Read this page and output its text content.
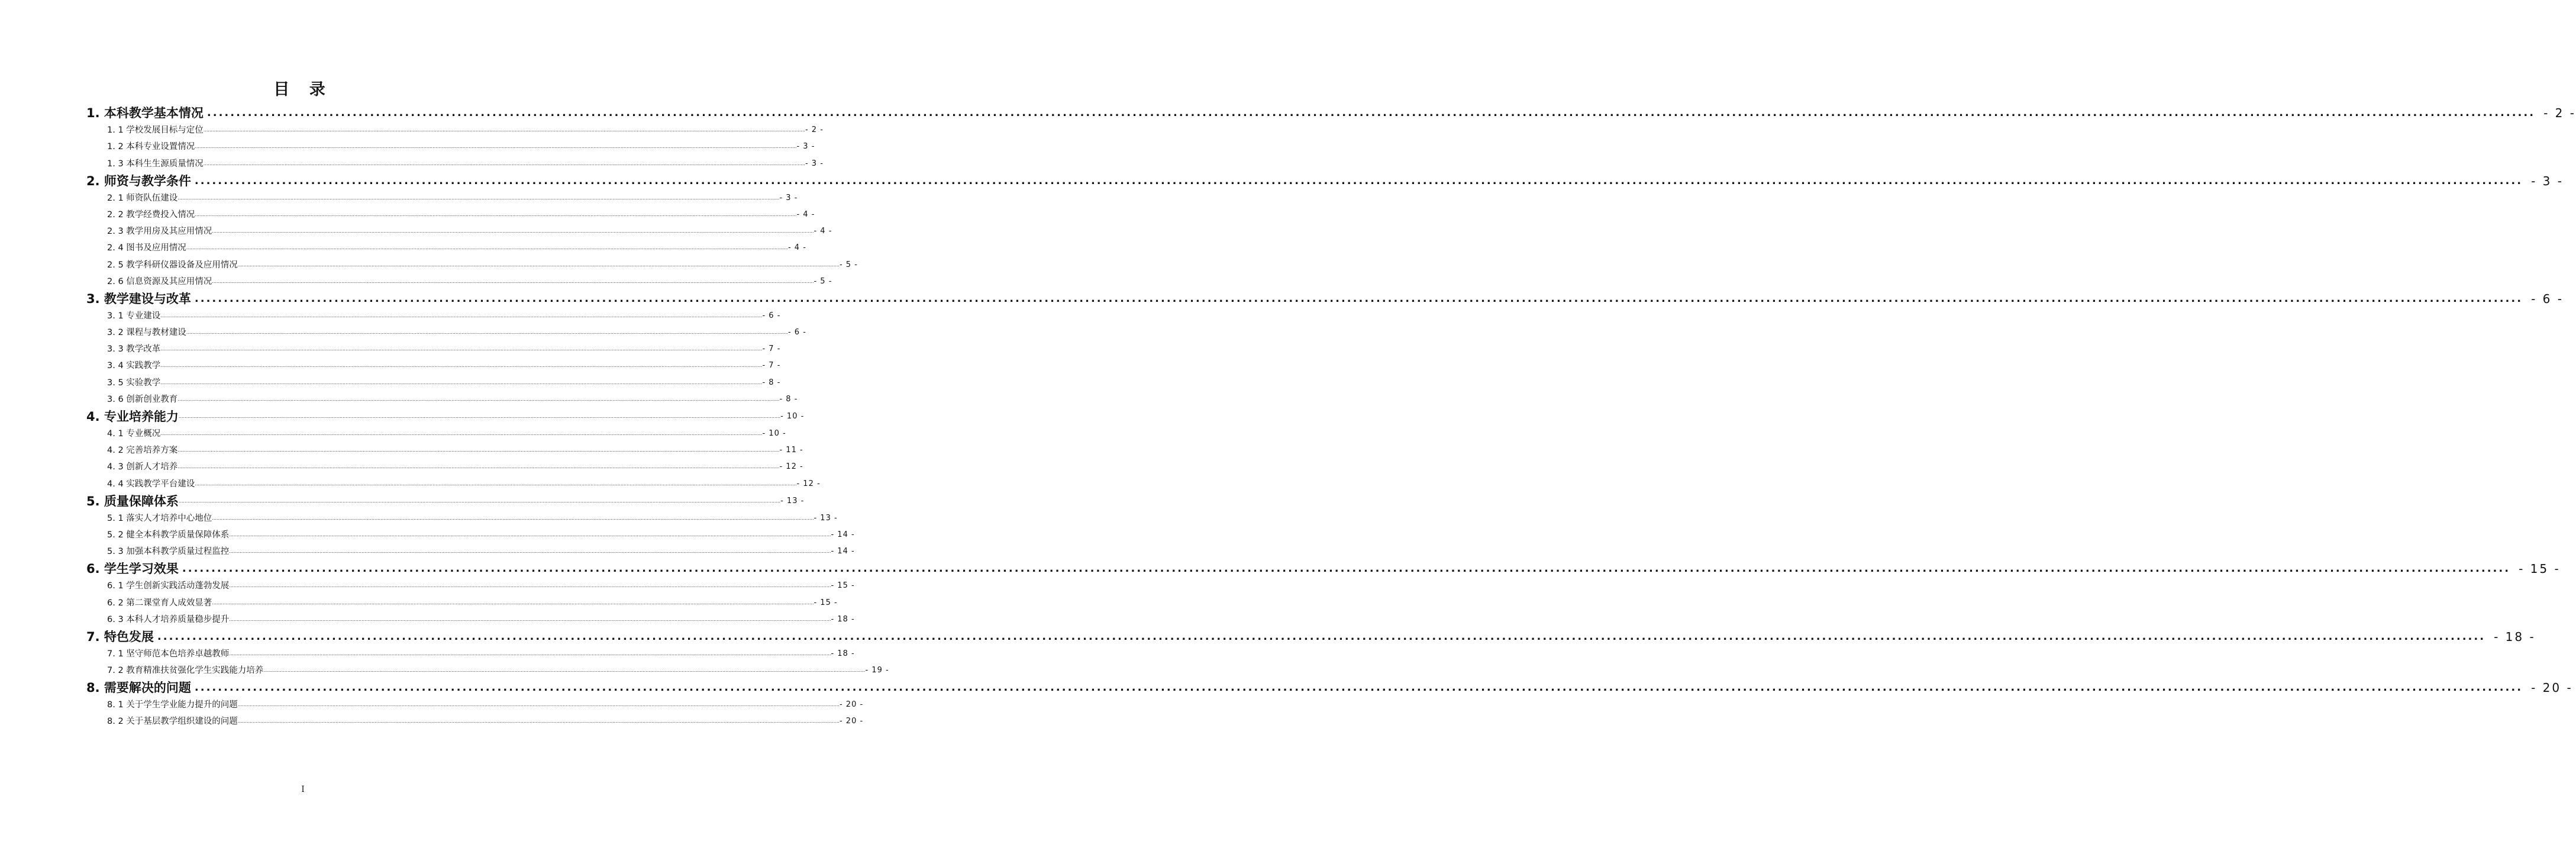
目 录
1. 本科教学基本情况 ................................................................................................................................................................................................................................................................................................................................................................................................................ - 2 -
1. 1 学校发展目标与定位 ................................................................................................................................................................................................................................................................................................................................................................................................................ - 2 -
1. 2 本科专业设置情况 ................................................................................................................................................................................................................................................................................................................................................................................................................ - 3 -
1. 3 本科生生源质量情况 ................................................................................................................................................................................................................................................................................................................................................................................................................ - 3 -
2. 师资与教学条件 ................................................................................................................................................................................................................................................................................................................................................................................................................ - 3 -
2. 1 师资队伍建设 ................................................................................................................................................................................................................................................................................................................................................................................................................ - 3 -
2. 2 教学经费投入情况 ................................................................................................................................................................................................................................................................................................................................................................................................................ - 4 -
2. 3 教学用房及其应用情况 ................................................................................................................................................................................................................................................................................................................................................................................................................ - 4 -
2. 4 图书及应用情况 ................................................................................................................................................................................................................................................................................................................................................................................................................ - 4 -
2. 5 教学科研仪器设备及应用情况 ................................................................................................................................................................................................................................................................................................................................................................................................................ - 5 -
2. 6 信息资源及其应用情况 ................................................................................................................................................................................................................................................................................................................................................................................................................ - 5 -
3. 教学建设与改革 ................................................................................................................................................................................................................................................................................................................................................................................................................ - 6 -
3. 1 专业建设 ................................................................................................................................................................................................................................................................................................................................................................................................................ - 6 -
3. 2 课程与教材建设 ................................................................................................................................................................................................................................................................................................................................................................................................................ - 6 -
3. 3 教学改革 ................................................................................................................................................................................................................................................................................................................................................................................................................ - 7 -
3. 4 实践教学 ................................................................................................................................................................................................................................................................................................................................................................................................................ - 7 -
3. 5 实验教学 ................................................................................................................................................................................................................................................................................................................................................................................................................ - 8 -
3. 6 创新创业教育 ................................................................................................................................................................................................................................................................................................................................................................................................................ - 8 -
4. 专业培养能力 ................................................................................................................................................................................................................................................................................................................................................................................................................ - 10 -
4. 1 专业概况 ................................................................................................................................................................................................................................................................................................................................................................................................................ - 10 -
4. 2 完善培养方案 ................................................................................................................................................................................................................................................................................................................................................................................................................ - 11 -
4. 3 创新人才培养 ................................................................................................................................................................................................................................................................................................................................................................................................................ - 12 -
4. 4 实践教学平台建设 ................................................................................................................................................................................................................................................................................................................................................................................................................ - 12 -
5. 质量保障体系 ................................................................................................................................................................................................................................................................................................................................................................................................................ - 13 -
5. 1 落实人才培养中心地位 ................................................................................................................................................................................................................................................................................................................................................................................................................ - 13 -
5. 2 健全本科教学质量保障体系 ................................................................................................................................................................................................................................................................................................................................................................................................................ - 14 -
5. 3 加强本科教学质量过程监控 ................................................................................................................................................................................................................................................................................................................................................................................................................ - 14 -
6. 学生学习效果 ................................................................................................................................................................................................................................................................................................................................................................................................................ - 15 -
6. 1 学生创新实践活动蓬勃发展 ................................................................................................................................................................................................................................................................................................................................................................................................................ - 15 -
6. 2 第二课堂育人成效显著 ................................................................................................................................................................................................................................................................................................................................................................................................................ - 15 -
6. 3 本科人才培养质量稳步提升 ................................................................................................................................................................................................................................................................................................................................................................................................................ - 18 -
7. 特色发展 ................................................................................................................................................................................................................................................................................................................................................................................................................ - 18 -
7. 1 坚守师范本色培养卓越教师 ................................................................................................................................................................................................................................................................................................................................................................................................................ - 18 -
7. 2 教育精准扶贫强化学生实践能力培养 ................................................................................................................................................................................................................................................................................................................................................................................................................ - 19 -
8. 需要解决的问题 ................................................................................................................................................................................................................................................................................................................................................................................................................ - 20 -
8. 1 关于学生学业能力提升的问题 ................................................................................................................................................................................................................................................................................................................................................................................................................ - 20 -
8. 2 关于基层教学组织建设的问题 ................................................................................................................................................................................................................................................................................................................................................................................................................ - 20 -
I
